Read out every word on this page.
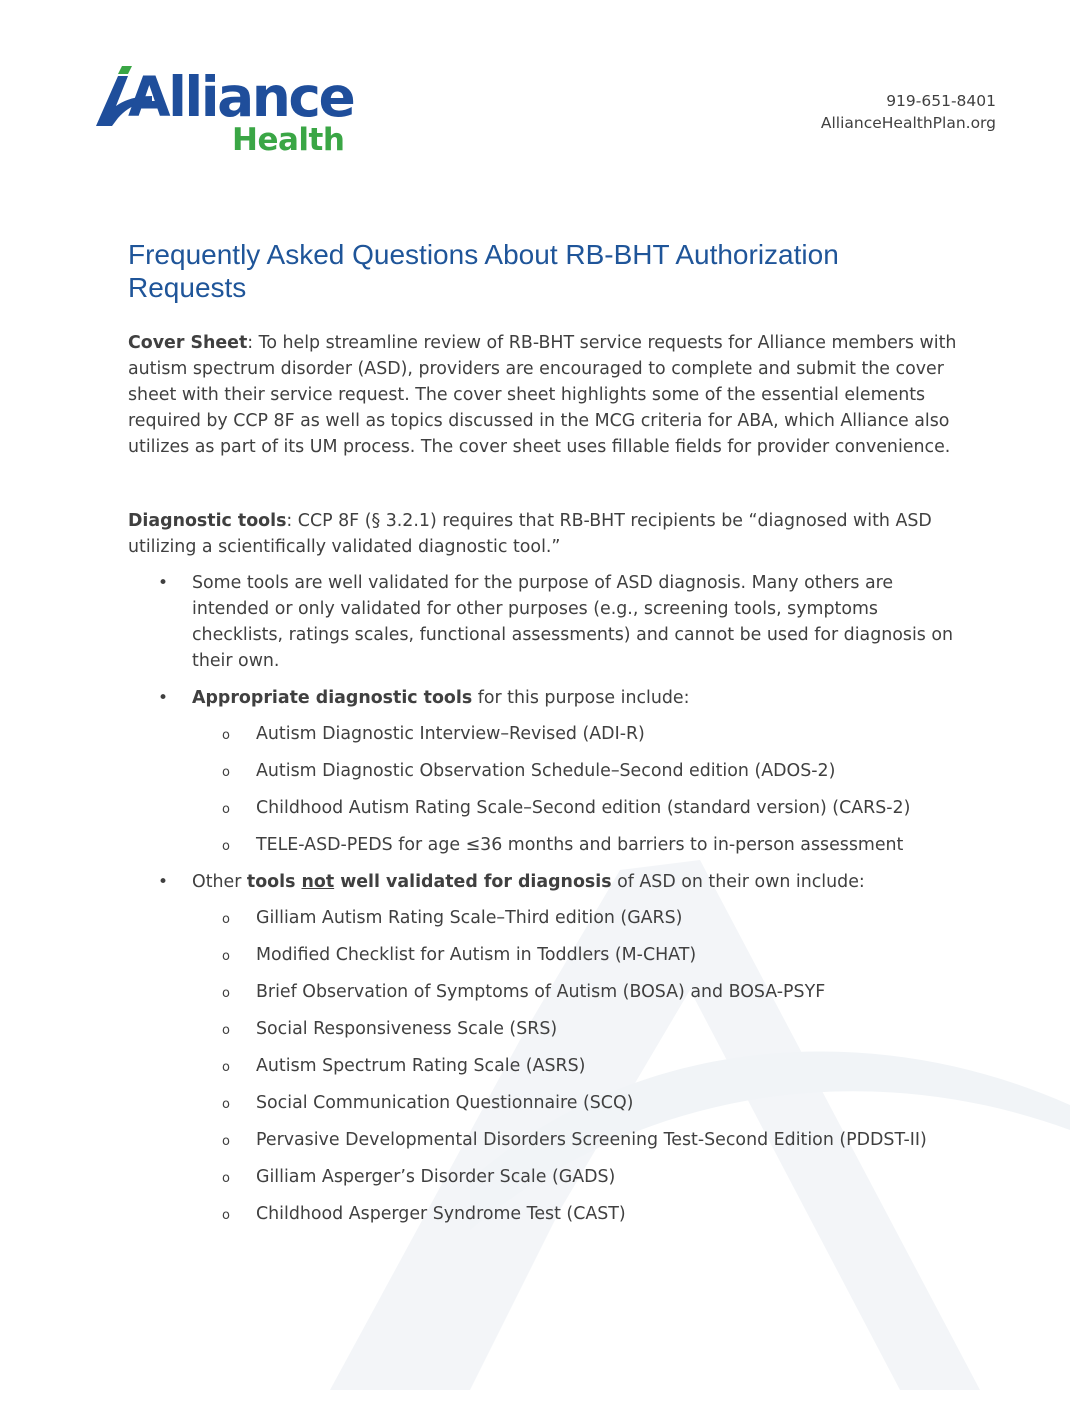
Alliance
Health
919-651-8401
AllianceHealthPlan.org
Frequently Asked Questions About RB-BHT Authorization Requests

Cover Sheet: To help streamline review of RB-BHT service requests for Alliance members with autism spectrum disorder (ASD), providers are encouraged to complete and submit the cover sheet with their service request. The cover sheet highlights some of the essential elements required by CCP 8F as well as topics discussed in the MCG criteria for ABA, which Alliance also utilizes as part of its UM process. The cover sheet uses fillable fields for provider convenience.

Diagnostic tools: CCP 8F (§ 3.2.1) requires that RB-BHT recipients be “diagnosed with ASD utilizing a scientifically validated diagnostic tool.”

• Some tools are well validated for the purpose of ASD diagnosis. Many others are intended or only validated for other purposes (e.g., screening tools, symptoms checklists, ratings scales, functional assessments) and cannot be used for diagnosis on their own.
• Appropriate diagnostic tools for this purpose include:
o Autism Diagnostic Interview–Revised (ADI-R)
o Autism Diagnostic Observation Schedule–Second edition (ADOS-2)
o Childhood Autism Rating Scale–Second edition (standard version) (CARS-2)
o TELE-ASD-PEDS for age ≤36 months and barriers to in-person assessment
• Other tools not well validated for diagnosis of ASD on their own include:
o Gilliam Autism Rating Scale–Third edition (GARS)
o Modified Checklist for Autism in Toddlers (M-CHAT)
o Brief Observation of Symptoms of Autism (BOSA) and BOSA-PSYF
o Social Responsiveness Scale (SRS)
o Autism Spectrum Rating Scale (ASRS)
o Social Communication Questionnaire (SCQ)
o Pervasive Developmental Disorders Screening Test-Second Edition (PDDST-II)
o Gilliam Asperger’s Disorder Scale (GADS)
o Childhood Asperger Syndrome Test (CAST)
